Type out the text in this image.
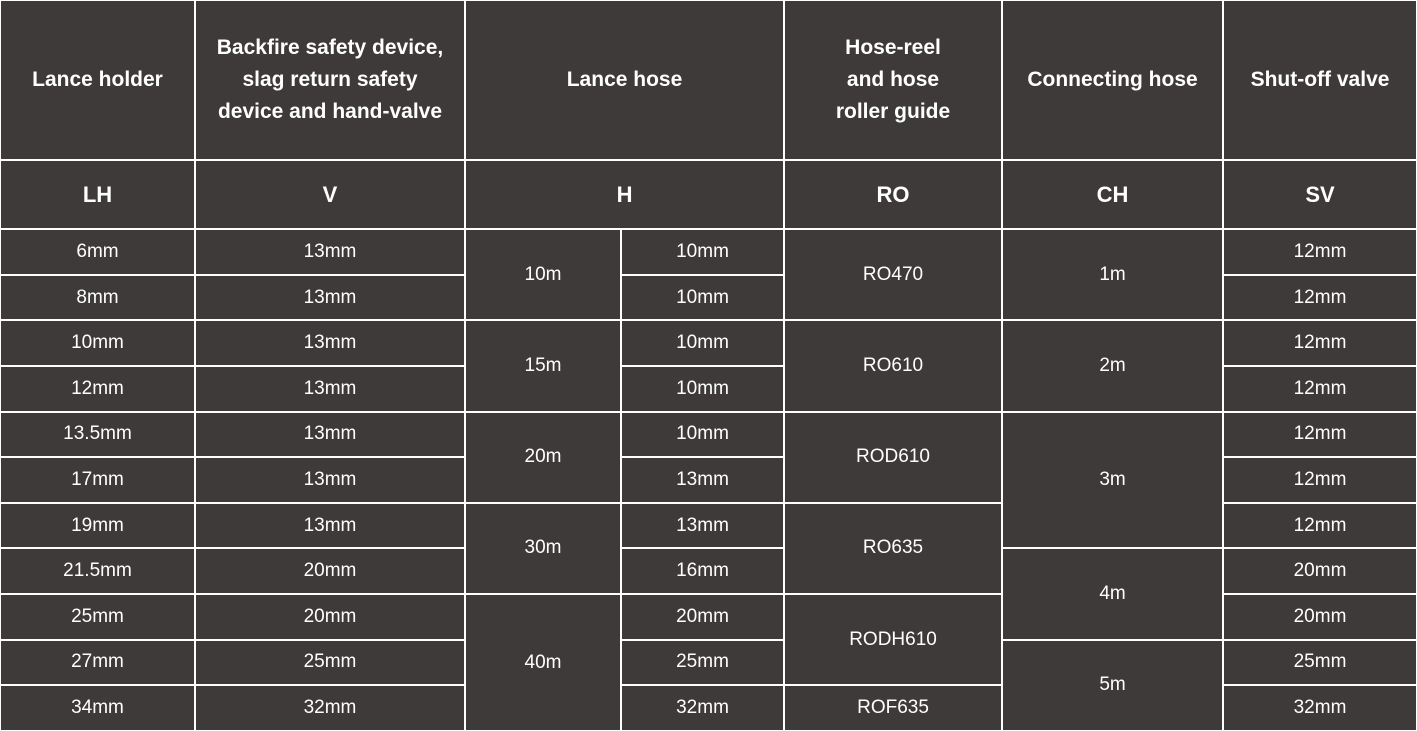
Lance holder	Backfire safety device,
slag return safety
device and hand-valve	Lance hose		Hose-reel
and hose
roller guide	Connecting hose	Shut-off valve
LH	V	H		RO	CH	SV
6mm	13mm	10m	10mm	RO470	1m	12mm
8mm	13mm		10mm			12mm
10mm	13mm	15m	10mm	RO610	2m	12mm
12mm	13mm		10mm			12mm
13.5mm	13mm	20m	10mm	ROD610	3m	12mm
17mm	13mm		13mm			12mm
19mm	13mm	30m	13mm	RO635		12mm
21.5mm	20mm		16mm		4m	20mm
25mm	20mm	40m	20mm	RODH610		20mm
27mm	25mm		25mm		5m	25mm
34mm	32mm		32mm	ROF635		32mm
